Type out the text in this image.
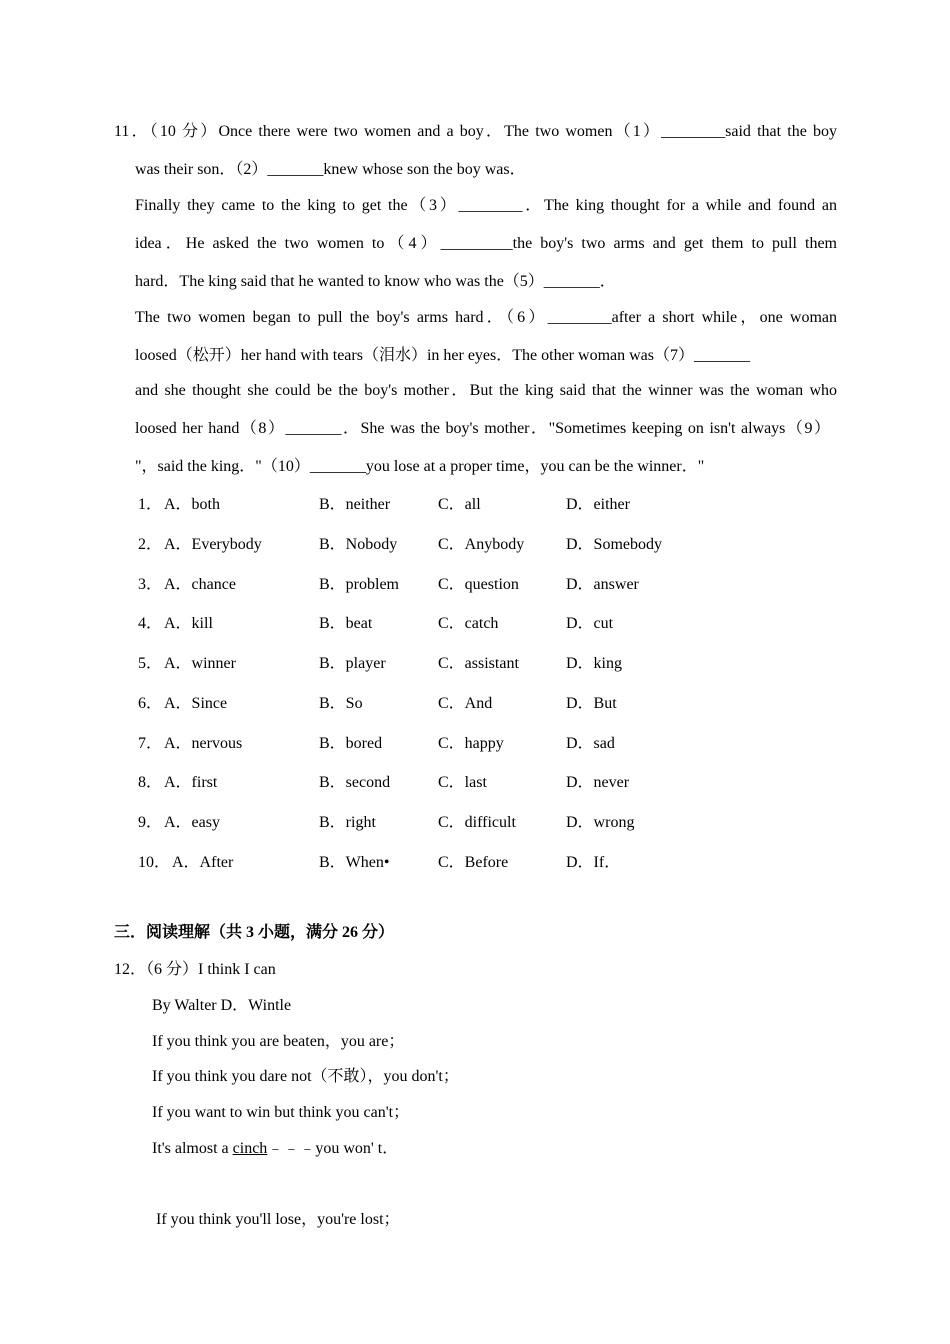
11．（10 分）Once there were two women and a boy．The two women（1）________said that the boy
was their son．（2）_______knew whose son the boy was．
Finally they came to the king to get the（3）________．The king thought for a while and found an
idea．He asked the two women to（4）_________the boy's two arms and get them to pull them
hard．The king said that he wanted to know who was the（5）_______．
The two women began to pull the boy's arms hard．（6）________after a short while，one woman
loosed（松开）her hand with tears（泪水）in her eyes．The other woman was（7）_______
and she thought she could be the boy's mother．But the king said that the winner was the woman who
loosed her hand（8）_______．She was the boy's mother．"Sometimes keeping on isn't always（9）
"，said the king．"（10）_______you lose at a proper time，you can be the winner．"
1． A．both	B．neither	C．all	D．either
2． A．Everybody	B．Nobody	C．Anybody	D．Somebody
3． A．chance	B．problem C．question	D．answer
4． A．kill	B．beat	C．catch	D．cut
5． A．winner	B．player	C．assistant	D．king
6． A．Since	B．So	C．And	D．But
7． A．nervous	B．bored	C．happy	D．sad
8． A．first	B．second	C．last	D．never
9． A．easy	B．right	C．difficult	D．wrong
10． A．After	B．When•	C．Before	D．If．
三．阅读理解（共 3 小题，满分 26 分）
12．（6 分）I think I can
By Walter D．Wintle
If you think you are beaten，you are；
If you think you dare not（不敢），you don't；
If you want to win but think you can't；
It's almost a cinch﹣﹣﹣you won' t．
If you think you'll lose，you're lost；
